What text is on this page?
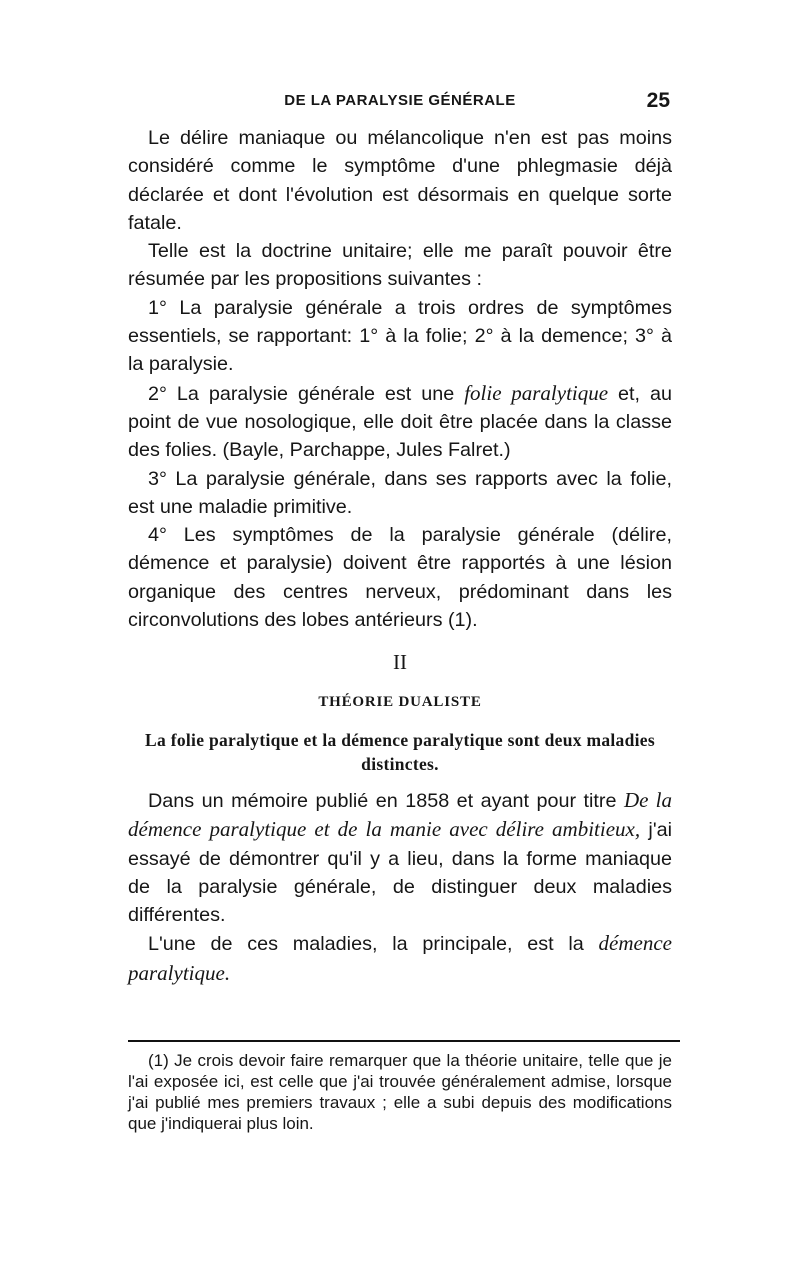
DE LA PARALYSIE GÉNÉRALE	25

Le délire maniaque ou mélancolique n'en est pas moins considéré comme le symptôme d'une phlegmasie déjà déclarée et dont l'évolution est désormais en quelque sorte fatale.

Telle est la doctrine unitaire; elle me paraît pouvoir être résumée par les propositions suivantes :

1° La paralysie générale a trois ordres de symptômes essentiels, se rapportant: 1° à la folie; 2° à la demence; 3° à la paralysie.

2° La paralysie générale est une folie paralytique et, au point de vue nosologique, elle doit être placée dans la classe des folies. (Bayle, Parchappe, Jules Falret.)

3° La paralysie générale, dans ses rapports avec la folie, est une maladie primitive.

4° Les symptômes de la paralysie générale (délire, démence et paralysie) doivent être rapportés à une lésion organique des centres nerveux, prédominant dans les circonvolutions des lobes antérieurs (1).

II
THÉORIE DUALISTE
La folie paralytique et la démence paralytique sont deux maladies distinctes.

Dans un mémoire publié en 1858 et ayant pour titre De la démence paralytique et de la manie avec délire ambitieux, j'ai essayé de démontrer qu'il y a lieu, dans la forme maniaque de la paralysie générale, de distinguer deux maladies différentes.

L'une de ces maladies, la principale, est la démence paralytique.

(1) Je crois devoir faire remarquer que la théorie unitaire, telle que je l'ai exposée ici, est celle que j'ai trouvée généralement admise, lorsque j'ai publié mes premiers travaux ; elle a subi depuis des modifications que j'indiquerai plus loin.
